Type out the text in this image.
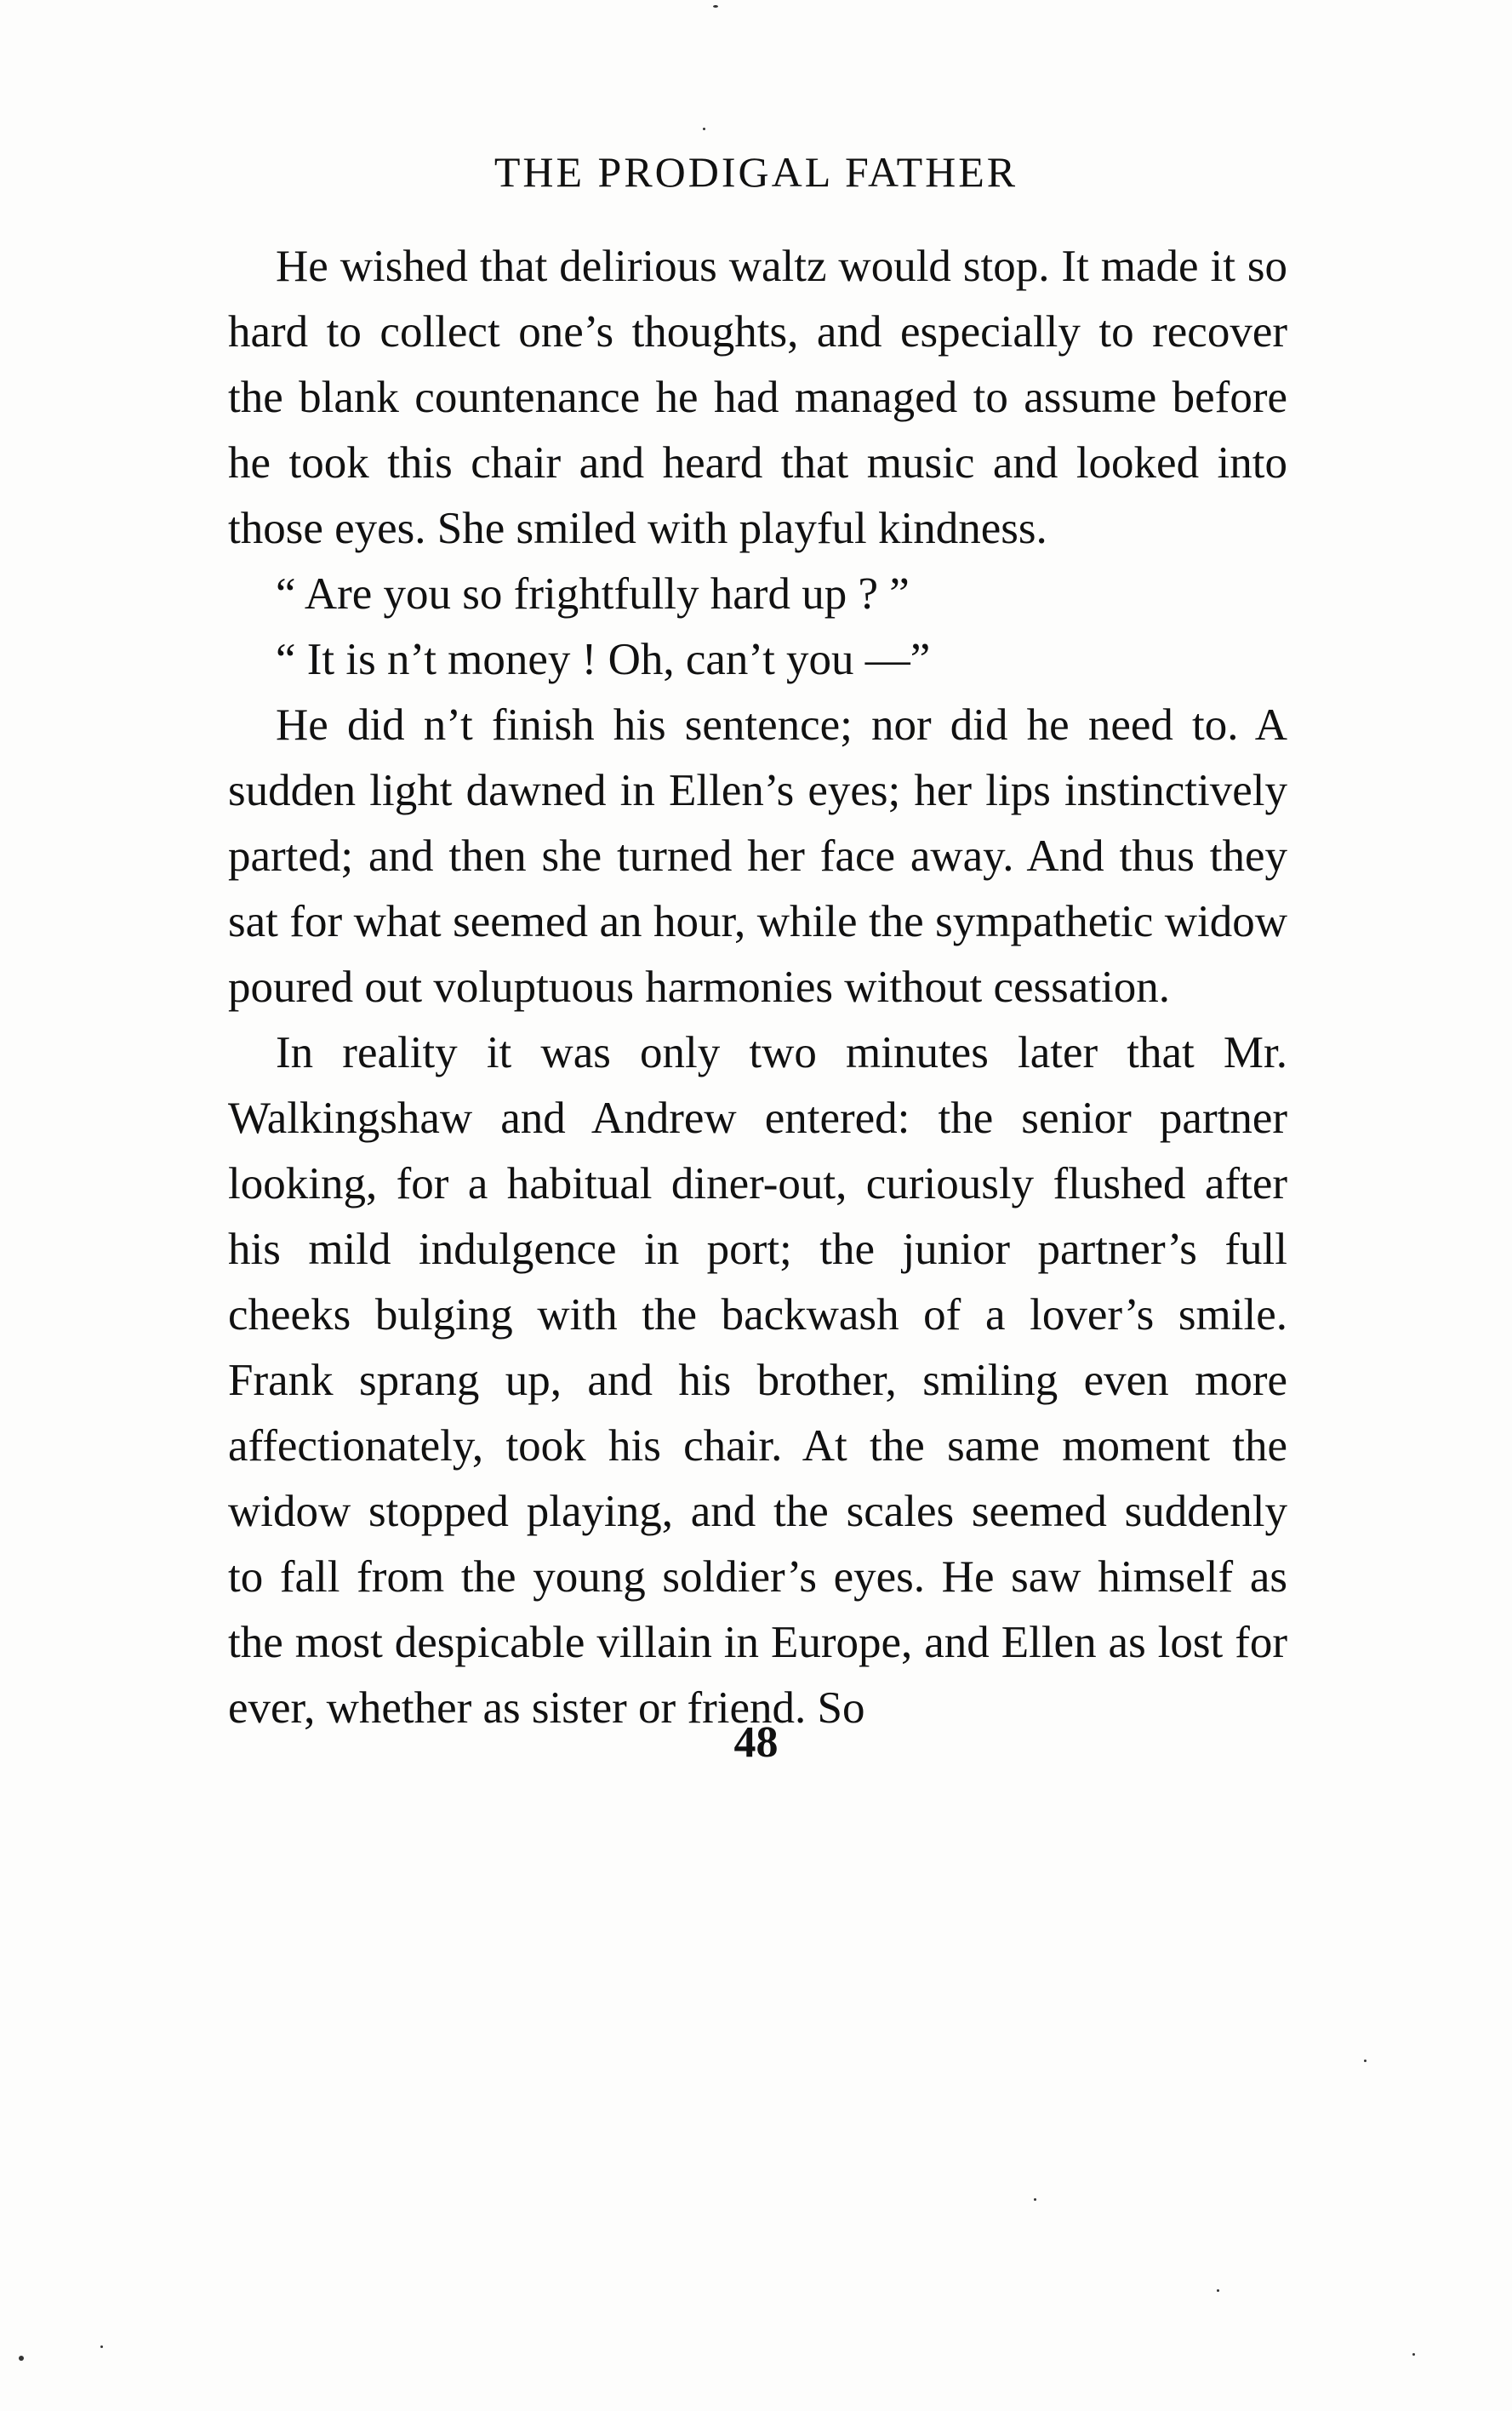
THE PRODIGAL FATHER

He wished that delirious waltz would stop. It made it so hard to collect one’s thoughts, and especially to recover the blank countenance he had managed to assume before he took this chair and heard that music and looked into those eyes. She smiled with playful kindness.

“ Are you so frightfully hard up ? ”

“ It is n’t money ! Oh, can’t you —”

He did n’t finish his sentence; nor did he need to. A sudden light dawned in Ellen’s eyes; her lips instinctively parted; and then she turned her face away. And thus they sat for what seemed an hour, while the sympathetic widow poured out voluptuous harmonies without cessation.

In reality it was only two minutes later that Mr. Walkingshaw and Andrew entered: the senior partner looking, for a habitual diner-out, curiously flushed after his mild indulgence in port; the junior partner’s full cheeks bulging with the backwash of a lover’s smile. Frank sprang up, and his brother, smiling even more affectionately, took his chair. At the same moment the widow stopped playing, and the scales seemed suddenly to fall from the young soldier’s eyes. He saw himself as the most despicable villain in Europe, and Ellen as lost for ever, whether as sister or friend. So

48
